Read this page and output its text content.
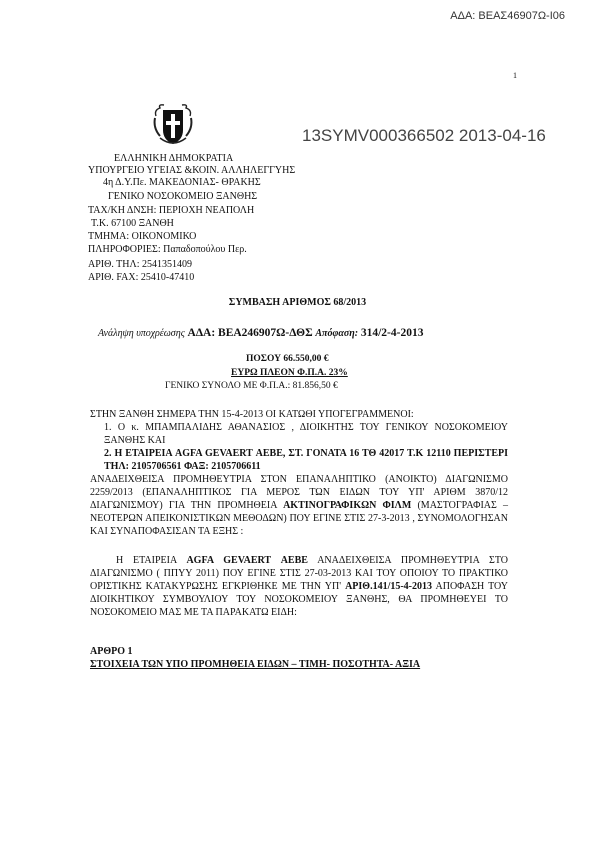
ΑΔΑ: ΒΕΑΣ46907Ω-Ι06
1
13SYMV000366502 2013-04-16
ΕΛΛΗΝΙΚΗ ΔΗΜΟΚΡΑΤΙΑ
ΥΠΟΥΡΓΕΙΟ ΥΓΕΙΑΣ &ΚΟΙΝ. ΑΛΛΗΛΕΓΓΥΗΣ
4η Δ.Υ.Πε. ΜΑΚΕΔΟΝΙΑΣ- ΘΡΑΚΗΣ
ΓΕΝΙΚΟ ΝΟΣΟΚΟΜΕΙΟ ΞΑΝΘΗΣ
ΤΑΧ/ΚΗ ΔΝΣΗ: ΠΕΡΙΟΧΗ ΝΕΑΠΟΛΗ
Τ.Κ. 67100 ΞΑΝΘΗ
ΤΜΗΜΑ: ΟΙΚΟΝΟΜΙΚΟ
ΠΛΗΡΟΦΟΡΙΕΣ: Παπαδοπούλου Περ.
ΑΡΙΘ. ΤΗΛ: 2541351409
ΑΡΙΘ. FAX: 25410-47410
ΣΥΜΒΑΣΗ ΑΡΙΘΜΟΣ 68/2013
Ανάληψη υποχρέωσης ΑΔΑ: ΒΕΑ246907Ω-ΔΘΣ Απόφαση: 314/2-4-2013
ΠΟΣΟΥ 66.550,00 €
ΕΥΡΩ ΠΛΕΟΝ Φ.Π.Α. 23%
ΓΕΝΙΚΟ ΣΥΝΟΛΟ ΜΕ Φ.Π.Α.: 81.856,50 €
ΣΤΗΝ ΞΑΝΘΗ ΣΗΜΕΡΑ ΤΗΝ 15-4-2013 ΟΙ ΚΑΤΩΘΙ ΥΠΟΓΕΓΡΑΜΜΕΝΟΙ:
1. Ο κ. ΜΠΑΜΠΑΛΙΔΗΣ ΑΘΑΝΑΣΙΟΣ , ΔΙΟΙΚΗΤΗΣ ΤΟΥ ΓΕΝΙΚΟΥ ΝΟΣΟΚΟΜΕΙΟΥ ΞΑΝΘΗΣ ΚΑΙ
2. Η ΕΤΑΙΡΕΙΑ AGFA GEVAERT ΑΕΒΕ, ΣΤ. ΓΟΝΑΤΑ 16 ΤΘ 42017 Τ.Κ 12110 ΠΕΡΙΣΤΕΡΙ ΤΗΛ: 2105706561 ΦΑΞ: 2105706611
ΑΝΑΔΕΙΧΘΕΙΣΑ ΠΡΟΜΗΘΕΥΤΡΙΑ ΣΤΟΝ ΕΠΑΝΑΛΗΠΤΙΚΟ (ΑΝΟΙΚΤΟ) ΔΙΑΓΩΝΙΣΜΟ 2259/2013 (ΕΠΑΝΑΛΗΠΤΙΚΟΣ ΓΙΑ ΜΕΡΟΣ ΤΩΝ ΕΙΔΩΝ ΤΟΥ ΥΠ' ΑΡΙΘΜ 3870/12 ΔΙΑΓΩΝΙΣΜΟΥ) ΓΙΑ ΤΗΝ ΠΡΟΜΗΘΕΙΑ ΑΚΤΙΝΟΓΡΑΦΙΚΩΝ ΦΙΛΜ (ΜΑΣΤΟΓΡΑΦΙΑΣ –ΝΕΟΤΕΡΩΝ ΑΠΕΙΚΟΝΙΣΤΙΚΩΝ ΜΕΘΟΔΩΝ) ΠΟΥ ΕΓΙΝΕ ΣΤΙΣ 27-3-2013 , ΣΥΝΟΜΟΛΟΓΗΣΑΝ ΚΑΙ ΣΥΝΑΠΟΦΑΣΙΣΑΝ ΤΑ ΕΞΗΣ :
Η ΕΤΑΙΡΕΙΑ AGFA GEVAERT ΑΕΒΕ ΑΝΑΔΕΙΧΘΕΙΣΑ ΠΡΟΜΗΘΕΥΤΡΙΑ ΣΤΟ ΔΙΑΓΩΝΙΣΜΟ ( ΠΠΥΥ 2011) ΠΟΥ ΕΓΙΝΕ ΣΤΙΣ 27-03-2013 ΚΑΙ ΤΟΥ ΟΠΟΙΟΥ ΤΟ ΠΡΑΚΤΙΚΟ ΟΡΙΣΤΙΚΗΣ ΚΑΤΑΚΥΡΩΣΗΣ ΕΓΚΡΙΘΗΚΕ ΜΕ ΤΗΝ ΥΠ' ΑΡΙΘ.141/15-4-2013 ΑΠΟΦΑΣΗ ΤΟΥ ΔΙΟΙΚΗΤΙΚΟΥ ΣΥΜΒΟΥΛΙΟΥ ΤΟΥ ΝΟΣΟΚΟΜΕΙΟΥ ΞΑΝΘΗΣ, ΘΑ ΠΡΟΜΗΘΕΥΕΙ ΤΟ ΝΟΣΟΚΟΜΕΙΟ ΜΑΣ ΜΕ ΤΑ ΠΑΡΑΚΑΤΩ ΕΙΔΗ:
ΑΡΘΡΟ 1
ΣΤΟΙΧΕΙΑ ΤΩΝ ΥΠΟ ΠΡΟΜΗΘΕΙΑ ΕΙΔΩΝ – ΤΙΜΗ- ΠΟΣΟΤΗΤΑ- ΑΞΙΑ
